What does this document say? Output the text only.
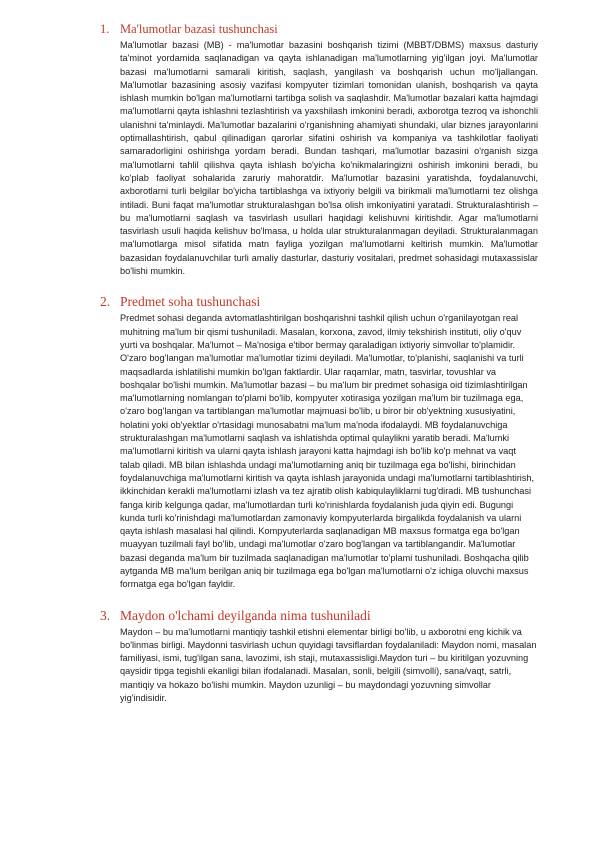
1. Ma'lumotlar bazasi tushunchasi
Ma'lumotlar bazasi (MB) - ma'lumotlar bazasini boshqarish tizimi (MBBT/DBMS) maxsus dasturiy ta'minot yordamida saqlanadigan va qayta ishlanadigan ma'lumotlarning yig'ilgan joyi. Ma'lumotlar bazasi ma'lumotlarni samarali kiritish, saqlash, yangilash va boshqarish uchun mo'ljallangan. Ma'lumotlar bazasining asosiy vazifasi kompyuter tizimlari tomonidan ulanish, boshqarish va qayta ishlash mumkin bo'lgan ma'lumotlarni tartibga solish va saqlashdir. Ma'lumotlar bazalari katta hajmdagi ma'lumotlarni qayta ishlashni tezlashtirish va yaxshilash imkonini beradi, axborotga tezroq va ishonchli ulanishni ta'minlaydi. Ma'lumotlar bazalarini o'rganishning ahamiyati shundaki, ular biznes jarayonlarini optimallashtirish, qabul qilinadigan qarorlar sifatini oshirish va kompaniya va tashkilotlar faoliyati samaradorligini oshirishga yordam beradi. Bundan tashqari, ma'lumotlar bazasini o'rganish sizga ma'lumotlarni tahlil qilishva qayta ishlash bo'yicha ko'nikmalaringizni oshirish imkonini beradi, bu ko'plab faoliyat sohalarida zaruriy mahoratdir. Ma'lumotlar bazasini yaratishda, foydalanuvchi, axborotlarni turli belgilar bo'yicha tartiblashga va ixtiyoriy belgili va birikmali ma'lumotlarni tez olishga intiladi. Buni faqat ma'lumotlar strukturalashgan bo'lsa olish imkoniyatini yaratadi. Strukturalashtirish – bu ma'lumotlarni saqlash va tasvirlash usullari haqidagi kelishuvni kiritishdir. Agar ma'lumotlarni tasvirlash usuli haqida kelishuv bo'lmasa, u holda ular strukturalanmagan deyiladi. Strukturalanmagan ma'lumotlarga misol sifatida matn fayliga yozilgan ma'lumotlarni keltirish mumkin. Ma'lumotlar bazasidan foydalanuvchilar turli amaliy dasturlar, dasturiy vositalari, predmet sohasidagi mutaxassislar bo'lishi mumkin.
2. Predmet soha tushunchasi
Predmet sohasi deganda avtomatlashtirilgan boshqarishni tashkil qilish uchun o'rganilayotgan real muhitning ma'lum bir qismi tushuniladi. Masalan, korxona, zavod, ilmiy tekshirish instituti, oliy o'quv yurti va boshqalar. Ma'lumot – Ma'nosiga e'tibor bermay qaraladigan ixtiyoriy simvollar to'plamidir. O'zaro bog'langan ma'lumotlar ma'lumotlar tizimi deyiladi. Ma'lumotlar, to'planishi, saqlanishi va turli maqsadlarda ishlatilishi mumkin bo'lgan faktlardir. Ular raqamlar, matn, tasvirlar, tovushlar va boshqalar bo'lishi mumkin. Ma'lumotlar bazasi – bu ma'lum bir predmet sohasiga oid tizimlashtirilgan ma'lumotlarning nomlangan to'plami bo'lib, kompyuter xotirasiga yozilgan ma'lum bir tuzilmaga ega, o'zaro bog'langan va tartiblangan ma'lumotlar majmuasi bo'lib, u biror bir ob'yektning xususiyatini, holatini yoki ob'yektlar o'rtasidagi munosabatni ma'lum ma'noda ifodalaydi. MB foydalanuvchiga strukturalashgan ma'lumotlarni saqlash va ishlatishda optimal qulaylikni yaratib beradi. Ma'lumki ma'lumotlarni kiritish va ularni qayta ishlash jarayoni katta hajmdagi ish bo'lib ko'p mehnat va vaqt talab qiladi. MB bilan ishlashda undagi ma'lumotlarning aniq bir tuzilmaga ega bo'lishi, birinchidan foydalanuvchiga ma'lumotlarni kiritish va qayta ishlash jarayonida undagi ma'lumotlarni tartiblashtirish, ikkinchidan kerakli ma'lumotlarni izlash va tez ajratib olish kabiqulayliklarni tug'diradi. MB tushunchasi fanga kirib kelgunga qadar, ma'lumotlardan turli ko'rinishlarda foydalanish juda qiyin edi. Bugungi kunda turli ko'rinishdagi ma'lumotlardan zamonaviy kompyuterlarda birgalikda foydalanish va ularni qayta ishlash masalasi hal qilindi. Kompyuterlarda saqlanadigan MB maxsus formatga ega bo'lgan muayyan tuzilmali fayl bo'lib, undagi ma'lumotlar o'zaro bog'langan va tartiblangandir. Ma'lumotlar bazasi deganda ma'lum bir tuzilmada saqlanadigan ma'lumotlar to'plami tushuniladi. Boshqacha qilib aytganda MB ma'lum berilgan aniq bir tuzilmaga ega bo'lgan ma'lumotlarni o'z ichiga oluvchi maxsus formatga ega bo'lgan fayldir.
3. Maydon o'lchami deyilganda nima tushuniladi
Maydon – bu ma'lumotlarni mantiqiy tashkil etishni elementar birligi bo'lib, u axborotni eng kichik va bo'linmas birligi. Maydonni tasvirlash uchun quyidagi tavsiflardan foydalaniladi: Maydon nomi, masalan familiyasi, ismi, tug'ilgan sana, lavozimi, ish staji, mutaxassisligi.Maydon turi – bu kiritilgan yozuvning qaysidir tipga tegishli ekanligi bilan ifodalanadi. Masalan, sonli, belgili (simvolli), sana/vaqt, satrli, mantiqiy va hokazo bo'lishi mumkin. Maydon uzunligi – bu maydondagi yozuvning simvollar yig'indisidir.
